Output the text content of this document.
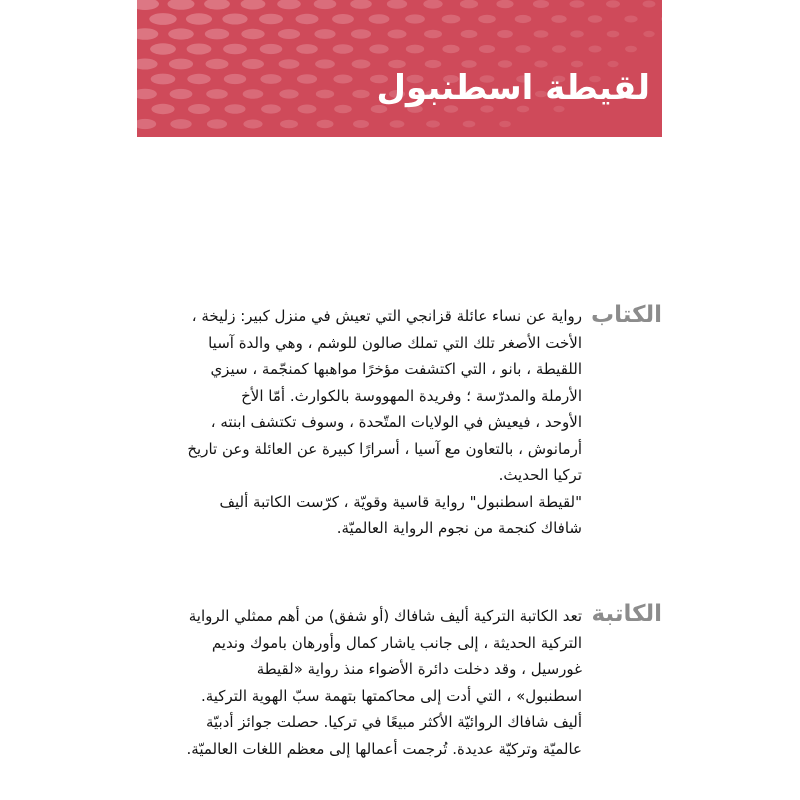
لقيطة اسطنبول
الكتاب
رواية عن نساء عائلة قزانجي التي تعيش في منزل كبير: زليخة ،
الأخت الأصغر تلك التي تملك صالون للوشم ، وهي والدة آسيا
اللقيطة ، بانو ، التي اكتشفت مؤخرًا مواهبها كمنجّمة ، سيزي
الأرملة والمدرّسة ؛ وفريدة المهووسة بالكوارث. أمّا الأخ
الأوحد ، فيعيش في الولايات المتّحدة ، وسوف تكتشف ابنته ،
أرمانوش ، بالتعاون مع آسيا ، أسرارًا كبيرة عن العائلة وعن تاريخ
تركيا الحديث.
"لقيطة اسطنبول" رواية قاسية وقويّة ، كرّست الكاتبة أليف
شافاك كنجمة من نجوم الرواية العالميّة.
الكاتبة
تعد الكاتبة التركية أليف شافاك (أو شفق) من أهم ممثلي الرواية
التركية الحديثة ، إلى جانب ياشار كمال وأورهان باموك ونديم
غورسيل ، وقد دخلت دائرة الأضواء منذ رواية «لقيطة
اسطنبول» ، التي أدت إلى محاكمتها بتهمة سبّ الهوية التركية.
أليف شافاك الروائيّة الأكثر مبيعًا في تركيا. حصلت جوائز أدبيّة
عالميّة وتركيّة عديدة. تُرجمت أعمالها إلى معظم اللغات العالميّة.
